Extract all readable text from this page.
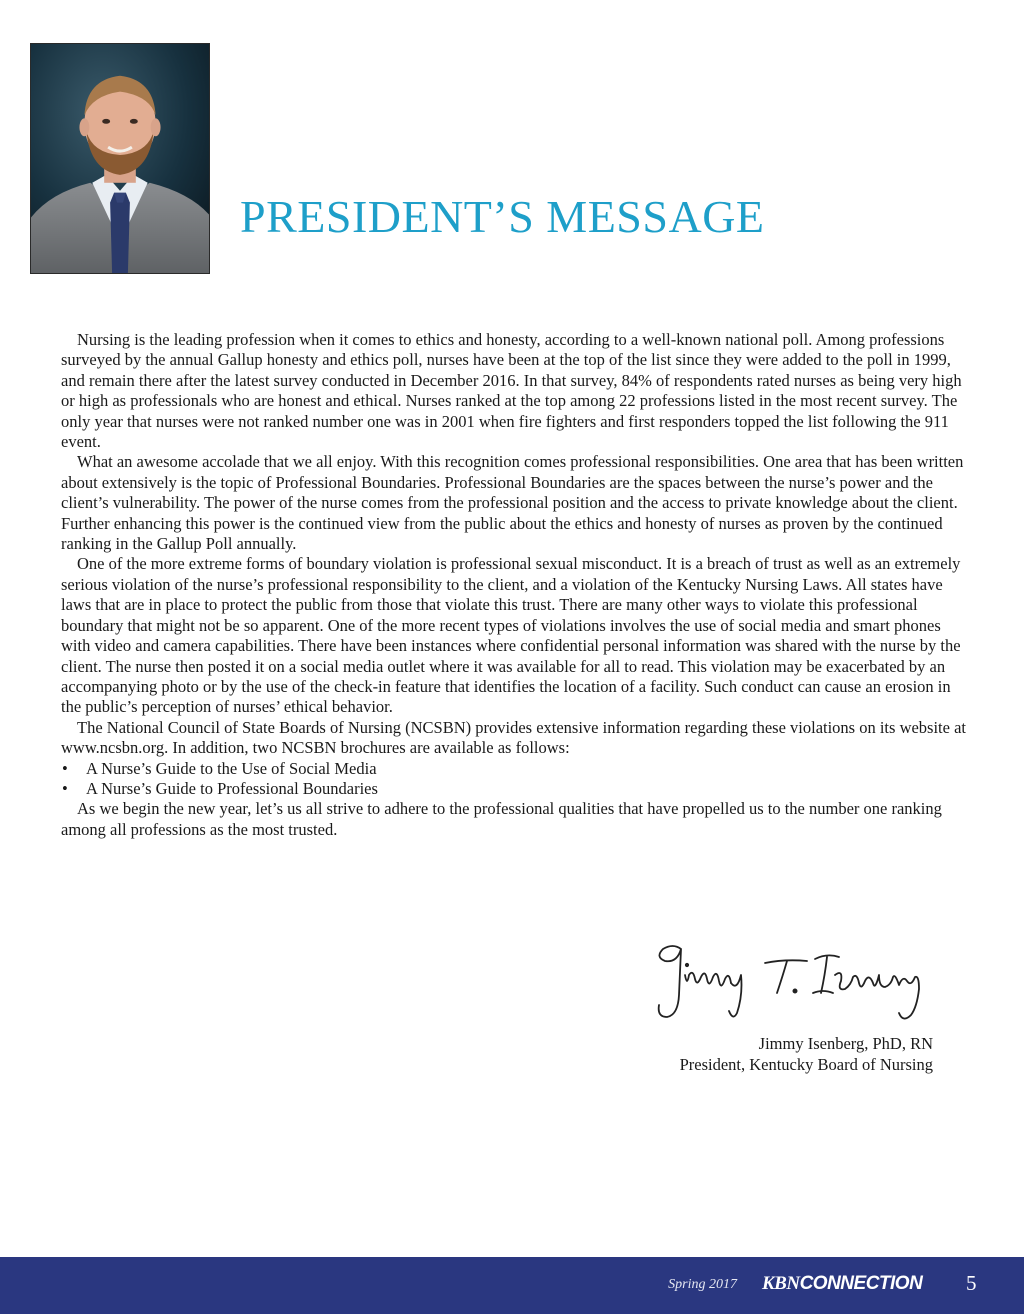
PRESIDENT’S MESSAGE

Nursing is the leading profession when it comes to ethics and honesty, according to a well-known national poll. Among professions surveyed by the annual Gallup honesty and ethics poll, nurses have been at the top of the list since they were added to the poll in 1999, and remain there after the latest survey conducted in December 2016. In that survey, 84% of respondents rated nurses as being very high or high as professionals who are honest and ethical. Nurses ranked at the top among 22 professions listed in the most recent survey. The only year that nurses were not ranked number one was in 2001 when fire fighters and first responders topped the list following the 911 event.

What an awesome accolade that we all enjoy. With this recognition comes professional responsibilities. One area that has been written about extensively is the topic of Professional Boundaries. Professional Boundaries are the spaces between the nurse’s power and the client’s vulnerability. The power of the nurse comes from the professional position and the access to private knowledge about the client. Further enhancing this power is the continued view from the public about the ethics and honesty of nurses as proven by the continued ranking in the Gallup Poll annually.

One of the more extreme forms of boundary violation is professional sexual misconduct. It is a breach of trust as well as an extremely serious violation of the nurse’s professional responsibility to the client, and a violation of the Kentucky Nursing Laws. All states have laws that are in place to protect the public from those that violate this trust. There are many other ways to violate this professional boundary that might not be so apparent. One of the more recent types of violations involves the use of social media and smart phones with video and camera capabilities. There have been instances where confidential personal information was shared with the nurse by the client. The nurse then posted it on a social media outlet where it was available for all to read. This violation may be exacerbated by an accompanying photo or by the use of the check-in feature that identifies the location of a facility. Such conduct can cause an erosion in the public’s perception of nurses’ ethical behavior.

The National Council of State Boards of Nursing (NCSBN) provides extensive information regarding these violations on its website at www.ncsbn.org. In addition, two NCSBN brochures are available as follows:

• A Nurse’s Guide to the Use of Social Media
• A Nurse’s Guide to Professional Boundaries

As we begin the new year, let’s us all strive to adhere to the professional qualities that have propelled us to the number one ranking among all professions as the most trusted.

Jimmy Isenberg, PhD, RN
President, Kentucky Board of Nursing
Spring 2017 KBNCONNECTION 5
